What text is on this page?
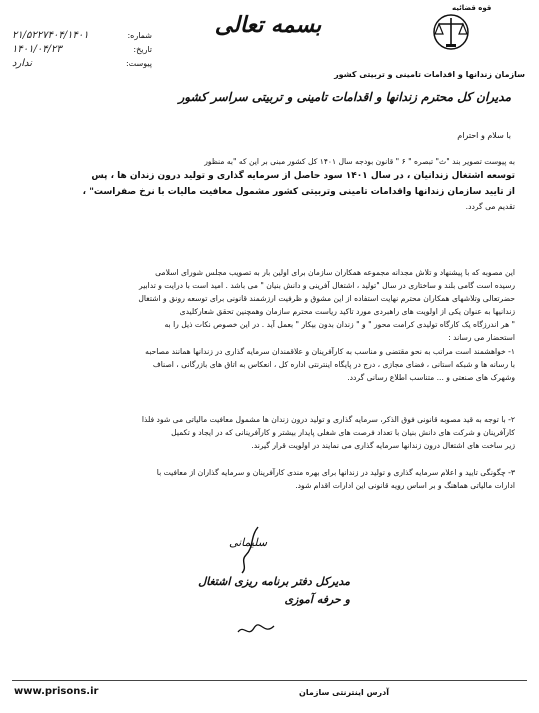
قوه قضائیه
سازمان زندانها و اقدامات تامینی و تربیتی کشور
بسمه تعالی
شماره:
۲۱/۵۲۲۷۴۰۴/۱۴۰۱
تاریخ:
۱۴۰۱/۰۴/۲۳
پیوست:
ندارد
مدیران کل محترم زندانها و اقدامات تامینی و تربیتی سراسر کشور
با سلام و احترام

به پیوست تصویر بند "ث" تبصره " ۶ " قانون بودجه سال ۱۴۰۱ کل کشور مبنی بر این که "به منظور

توسعه اشتغال زندانیان ، در سال ۱۴۰۱ سود حاصل از سرمایه گذاری و تولید درون زندان ها ، پس

از تایید سازمان زندانها واقدامات تامینی وتربیتی کشور مشمول معافیت مالیات با نرخ صفراست" ،

تقدیم می گردد.

این مصوبه که با پیشنهاد و تلاش مجدانه مجموعه همکاران سازمان برای اولین بار به تصویب مجلس شورای اسلامی

رسیده است گامی بلند و ساختاری در سال "تولید ، اشتغال آفرینی و دانش بنیان " می باشد . امید است با درایت و تدابیر

حضرتعالی وتلاشهای همکاران محترم نهایت استفاده از این مشوق و ظرفیت ارزشمند قانونی برای توسعه رونق و اشتغال

زندانیها به عنوان یکی از اولویت های راهبردی مورد تاکید ریاست محترم سازمان وهمچنین تحقق شعارکلیدی

" هر اندرزگاه یک کارگاه تولیدی کرامت محور " و " زندان بدون بیکار " بعمل آید . در این خصوص نکات ذیل را به

استحضار می رساند :

۱- خواهشمند است مراتب به نحو مقتضی و مناسب به کارآفرینان و علاقمندان سرمایه گذاری در زندانها همانند مصاحبه

با رسانه ها و شبکه استانی ، فضای مجازی ، درج در پایگاه اینترنتی اداره کل ، انعکاس به اتاق های بازرگانی ، اصناف

وشهرک های صنعتی و ... متناسب اطلاع رسانی گردد.

۲- با توجه به قید مصوبه قانونی فوق الذکر، سرمایه گذاری و تولید درون زندان ها مشمول معافیت مالیاتی می شود فلذا

کارآفرینان و شرکت های دانش بنیان با تعداد فرصت های شغلی پایدار بیشتر و کارآفرینانی که در ایجاد و تکمیل

زیر ساخت های اشتغال درون زندانها سرمایه گذاری می نمایند در اولویت قرار گیرند.

۳- چگونگی تایید و اعلام سرمایه گذاری و تولید در زندانها برای بهره مندی کارآفرینان و سرمایه گذاران از معافیت با

ادارات مالیاتی هماهنگ و بر اساس رویه قانونی این ادارات اقدام شود.

سلیمانی
مدیرکل دفتر برنامه ریزی اشتغال و حرفه آموزی
www.prisons.ir	آدرس اینترنتی سازمان
